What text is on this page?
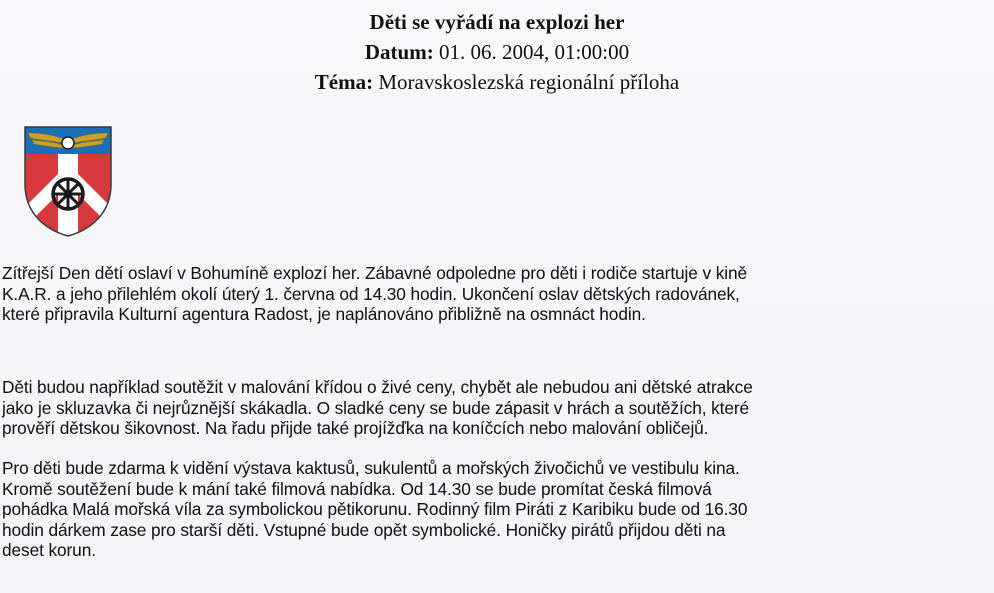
Děti se vyřádí na explozi her
Datum: 01. 06. 2004, 01:00:00
Téma: Moravskoslezská regionální příloha

Zítřejší Den dětí oslaví v Bohumíně explozí her. Zábavné odpoledne pro děti i rodiče startuje v kině
K.A.R. a jeho přilehlém okolí úterý 1. června od 14.30 hodin. Ukončení oslav dětských radovánek,
které připravila Kulturní agentura Radost, je naplánováno přibližně na osmnáct hodin.

Děti budou například soutěžit v malování křídou o živé ceny, chybět ale nebudou ani dětské atrakce
jako je skluzavka či nejrůznější skákadla. O sladké ceny se bude zápasit v hrách a soutěžích, které
prověří dětskou šikovnost. Na řadu přijde také projížďka na koníčcích nebo malování obličejů.

Pro děti bude zdarma k vidění výstava kaktusů, sukulentů a mořských živočichů ve vestibulu kina.
Kromě soutěžení bude k mání také filmová nabídka. Od 14.30 se bude promítat česká filmová
pohádka Malá mořská víla za symbolickou pětikorunu. Rodinný film Piráti z Karibiku bude od 16.30
hodin dárkem zase pro starší děti. Vstupné bude opět symbolické. Honičky pirátů přijdou děti na
deset korun.
